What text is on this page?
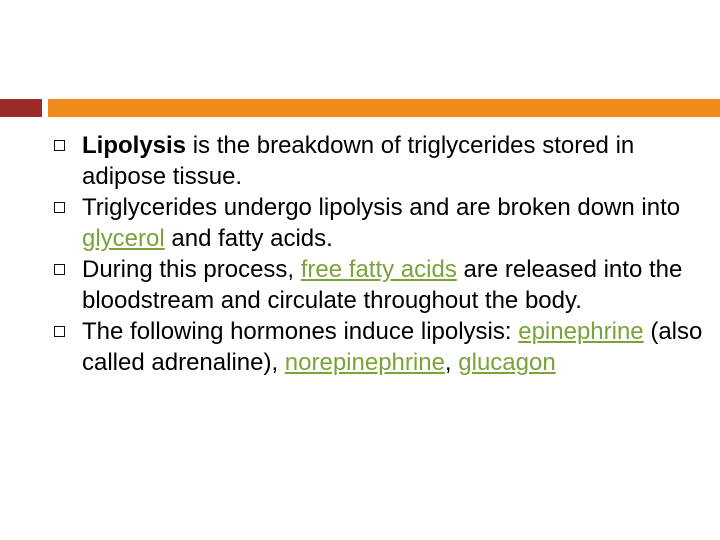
Lipolysis is the breakdown of triglycerides stored in adipose tissue.
Triglycerides undergo lipolysis and are broken down into glycerol and fatty acids.
During this process, free fatty acids are released into the bloodstream and circulate throughout the body.
The following hormones induce lipolysis: epinephrine (also called adrenaline), norepinephrine, glucagon
